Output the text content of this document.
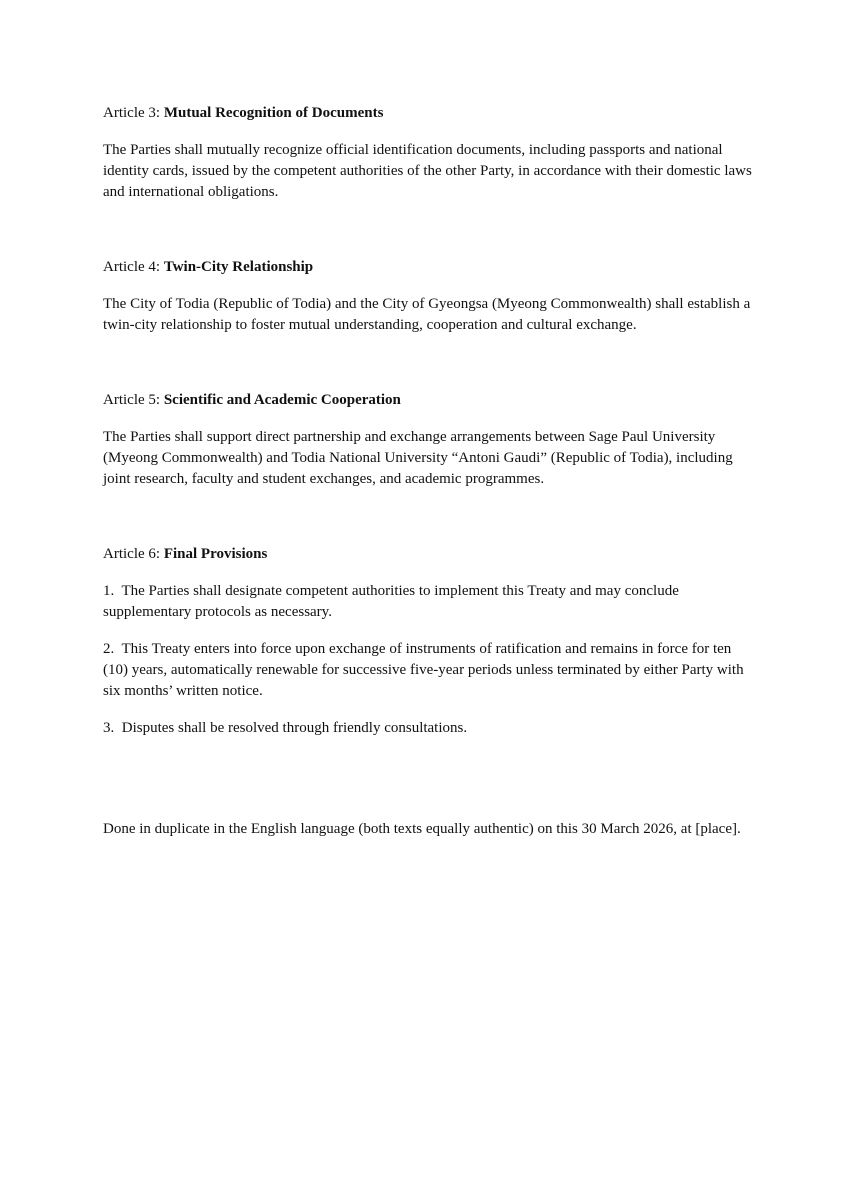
Article 3: Mutual Recognition of Documents

The Parties shall mutually recognize official identification documents, including passports and national identity cards, issued by the competent authorities of the other Party, in accordance with their domestic laws and international obligations.

Article 4: Twin-City Relationship

The City of Todia (Republic of Todia) and the City of Gyeongsa (Myeong Commonwealth) shall establish a twin-city relationship to foster mutual understanding, cooperation and cultural exchange.

Article 5: Scientific and Academic Cooperation

The Parties shall support direct partnership and exchange arrangements between Sage Paul University (Myeong Commonwealth) and Todia National University “Antoni Gaudi” (Republic of Todia), including joint research, faculty and student exchanges, and academic programmes.

Article 6: Final Provisions

1.  The Parties shall designate competent authorities to implement this Treaty and may conclude supplementary protocols as necessary.

2.  This Treaty enters into force upon exchange of instruments of ratification and remains in force for ten (10) years, automatically renewable for successive five-year periods unless terminated by either Party with six months’ written notice.

3.  Disputes shall be resolved through friendly consultations.

Done in duplicate in the English language (both texts equally authentic) on this 30 March 2026, at [place].
